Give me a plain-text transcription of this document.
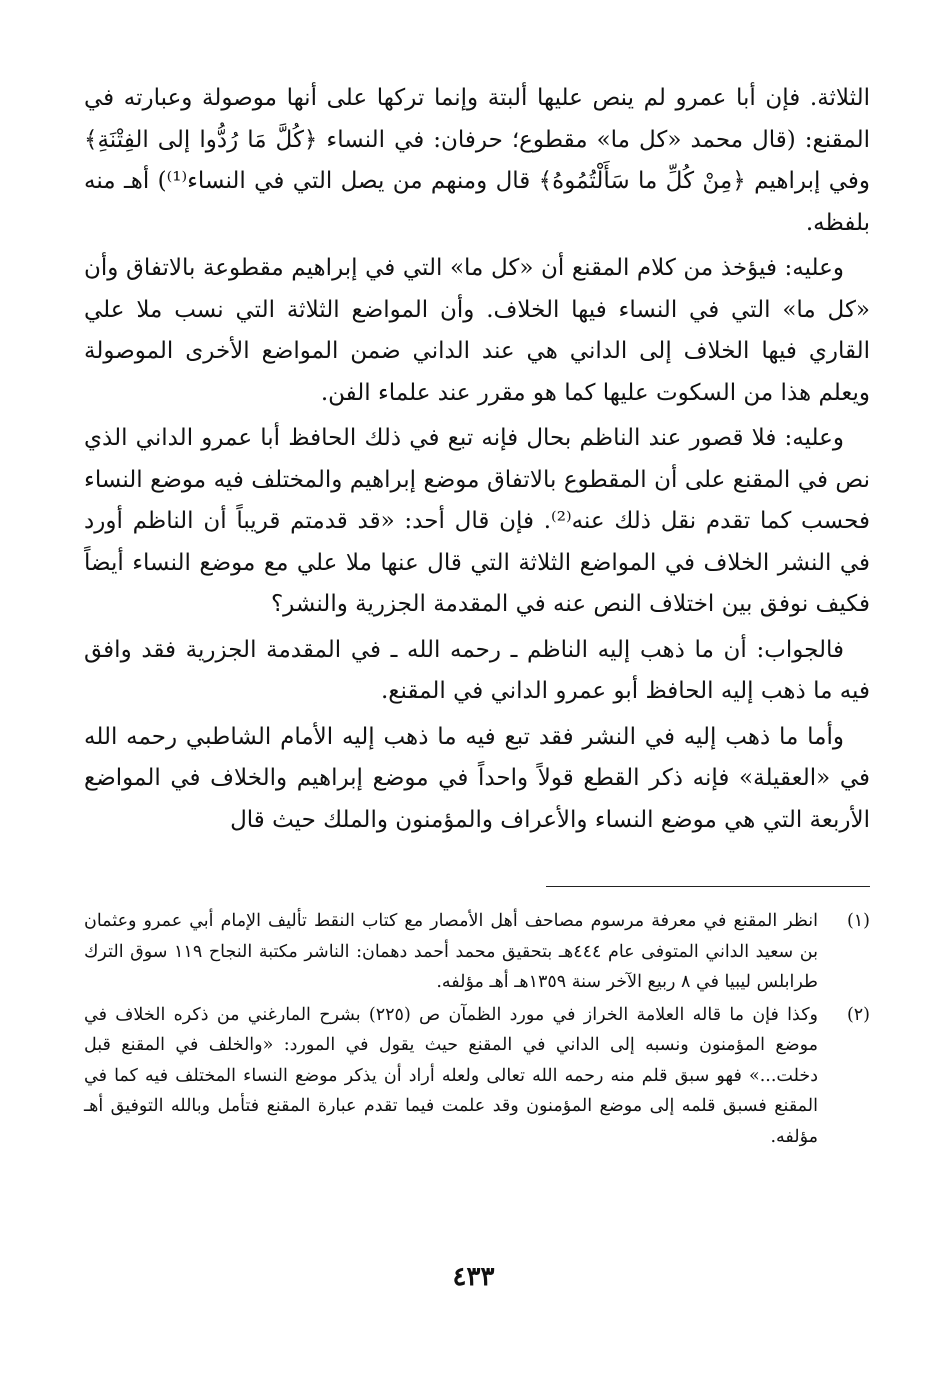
الثلاثة. فإن أبا عمرو لم ينص عليها ألبتة وإنما تركها على أنها موصولة وعبارته في المقنع: (قال محمد «كل ما» مقطوع؛ حرفان: في النساء ﴿كُلَّ مَا رُدُّوا إلى الفِتْنَةِ﴾ وفي إبراهيم ﴿مِنْ كُلِّ ما سَأَلْتُمُوهُ﴾ قال ومنهم من يصل التي في النساء⁽¹⁾) أهـ منه بلفظه.

وعليه: فيؤخذ من كلام المقنع أن «كل ما» التي في إبراهيم مقطوعة بالاتفاق وأن «كل ما» التي في النساء فيها الخلاف. وأن المواضع الثلاثة التي نسب ملا علي القاري فيها الخلاف إلى الداني هي عند الداني ضمن المواضع الأخرى الموصولة ويعلم هذا من السكوت عليها كما هو مقرر عند علماء الفن.

وعليه: فلا قصور عند الناظم بحال فإنه تبع في ذلك الحافظ أبا عمرو الداني الذي نص في المقنع على أن المقطوع بالاتفاق موضع إبراهيم والمختلف فيه موضع النساء فحسب كما تقدم نقل ذلك عنه⁽²⁾. فإن قال أحد: «قد قدمتم قريباً أن الناظم أورد في النشر الخلاف في المواضع الثلاثة التي قال عنها ملا علي مع موضع النساء أيضاً فكيف نوفق بين اختلاف النص عنه في المقدمة الجزرية والنشر؟

فالجواب: أن ما ذهب إليه الناظم ـ رحمه الله ـ في المقدمة الجزرية فقد وافق فيه ما ذهب إليه الحافظ أبو عمرو الداني في المقنع.

وأما ما ذهب إليه في النشر فقد تبع فيه ما ذهب إليه الأمام الشاطبي رحمه الله في «العقيلة» فإنه ذكر القطع قولاً واحداً في موضع إبراهيم والخلاف في المواضع الأربعة التي هي موضع النساء والأعراف والمؤمنون والملك حيث قال

(١)
انظر المقنع في معرفة مرسوم مصاحف أهل الأمصار مع كتاب النقط تأليف الإمام أبي عمرو وعثمان بن سعيد الداني المتوفى عام ٤٤٤هـ بتحقيق محمد أحمد دهمان: الناشر مكتبة النجاح ١١٩ سوق الترك طرابلس ليبيا في ٨ ربيع الآخر سنة ١٣٥٩هـ أهـ مؤلفه.
(٢)
وكذا فإن ما قاله العلامة الخراز في مورد الظمآن ص (٢٢٥) بشرح المارغني من ذكره الخلاف في موضع المؤمنون ونسبه إلى الداني في المقنع حيث يقول في المورد: «والخلف في المقنع قبل دخلت...» فهو سبق قلم منه رحمه الله تعالى ولعله أراد أن يذكر موضع النساء المختلف فيه كما في المقنع فسبق قلمه إلى موضع المؤمنون وقد علمت فيما تقدم عبارة المقنع فتأمل وبالله التوفيق أهـ مؤلفه.
٤٣٣
